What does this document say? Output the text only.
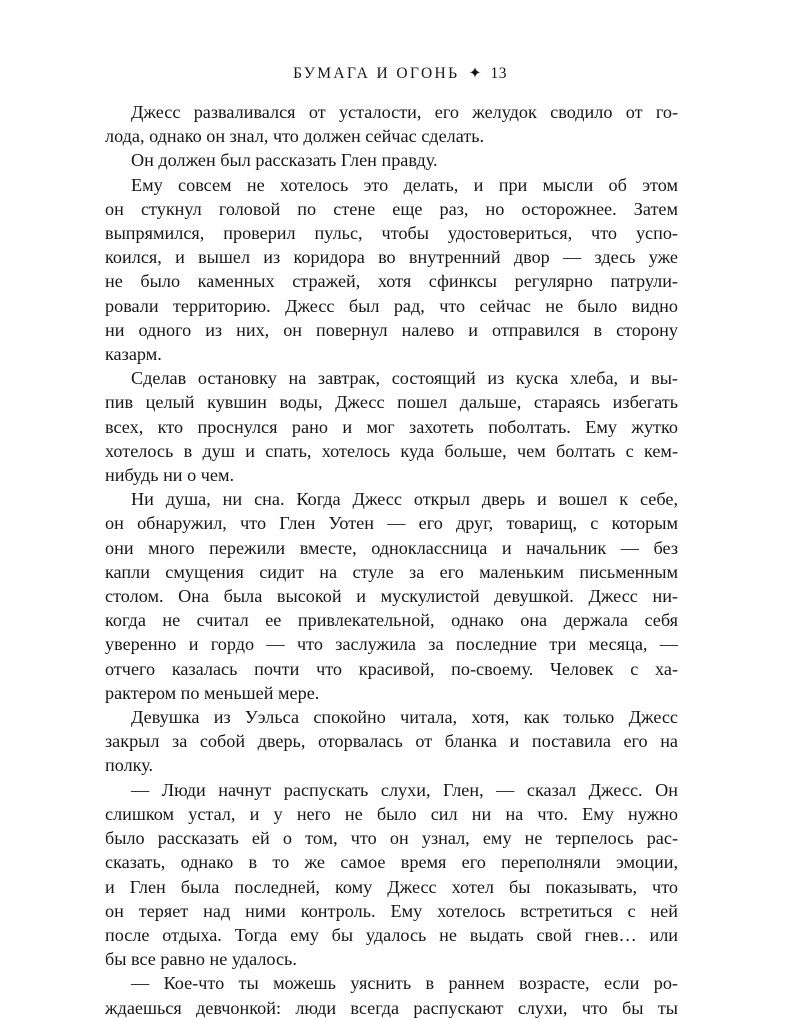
БУМАГА И ОГОНЬ ✦ 13
Джесс разваливался от усталости, его желудок сводило от го-
лода, однако он знал, что должен сейчас сделать.
Он должен был рассказать Глен правду.
Ему совсем не хотелось это делать, и при мысли об этом
он стукнул головой по стене еще раз, но осторожнее. Затем
выпрямился, проверил пульс, чтобы удостовериться, что успо-
коился, и вышел из коридора во внутренний двор — здесь уже
не было каменных стражей, хотя сфинксы регулярно патрули-
ровали территорию. Джесс был рад, что сейчас не было видно
ни одного из них, он повернул налево и отправился в сторону
казарм.
Сделав остановку на завтрак, состоящий из куска хлеба, и вы-
пив целый кувшин воды, Джесс пошел дальше, стараясь избегать
всех, кто проснулся рано и мог захотеть поболтать. Ему жутко
хотелось в душ и спать, хотелось куда больше, чем болтать с кем-
нибудь ни о чем.
Ни душа, ни сна. Когда Джесс открыл дверь и вошел к себе,
он обнаружил, что Глен Уотен — его друг, товарищ, с которым
они много пережили вместе, одноклассница и начальник — без
капли смущения сидит на стуле за его маленьким письменным
столом. Она была высокой и мускулистой девушкой. Джесс ни-
когда не считал ее привлекательной, однако она держала себя
уверенно и гордо — что заслужила за последние три месяца, —
отчего казалась почти что красивой, по-своему. Человек с ха-
рактером по меньшей мере.
Девушка из Уэльса спокойно читала, хотя, как только Джесс
закрыл за собой дверь, оторвалась от бланка и поставила его на
полку.
— Люди начнут распускать слухи, Глен, — сказал Джесс. Он
слишком устал, и у него не было сил ни на что. Ему нужно
было рассказать ей о том, что он узнал, ему не терпелось рас-
сказать, однако в то же самое время его переполняли эмоции,
и Глен была последней, кому Джесс хотел бы показывать, что
он теряет над ними контроль. Ему хотелось встретиться с ней
после отдыха. Тогда ему бы удалось не выдать свой гнев… или
бы все равно не удалось.
— Кое-что ты можешь уяснить в раннем возрасте, если ро-
ждаешься девчонкой: люди всегда распускают слухи, что бы ты
